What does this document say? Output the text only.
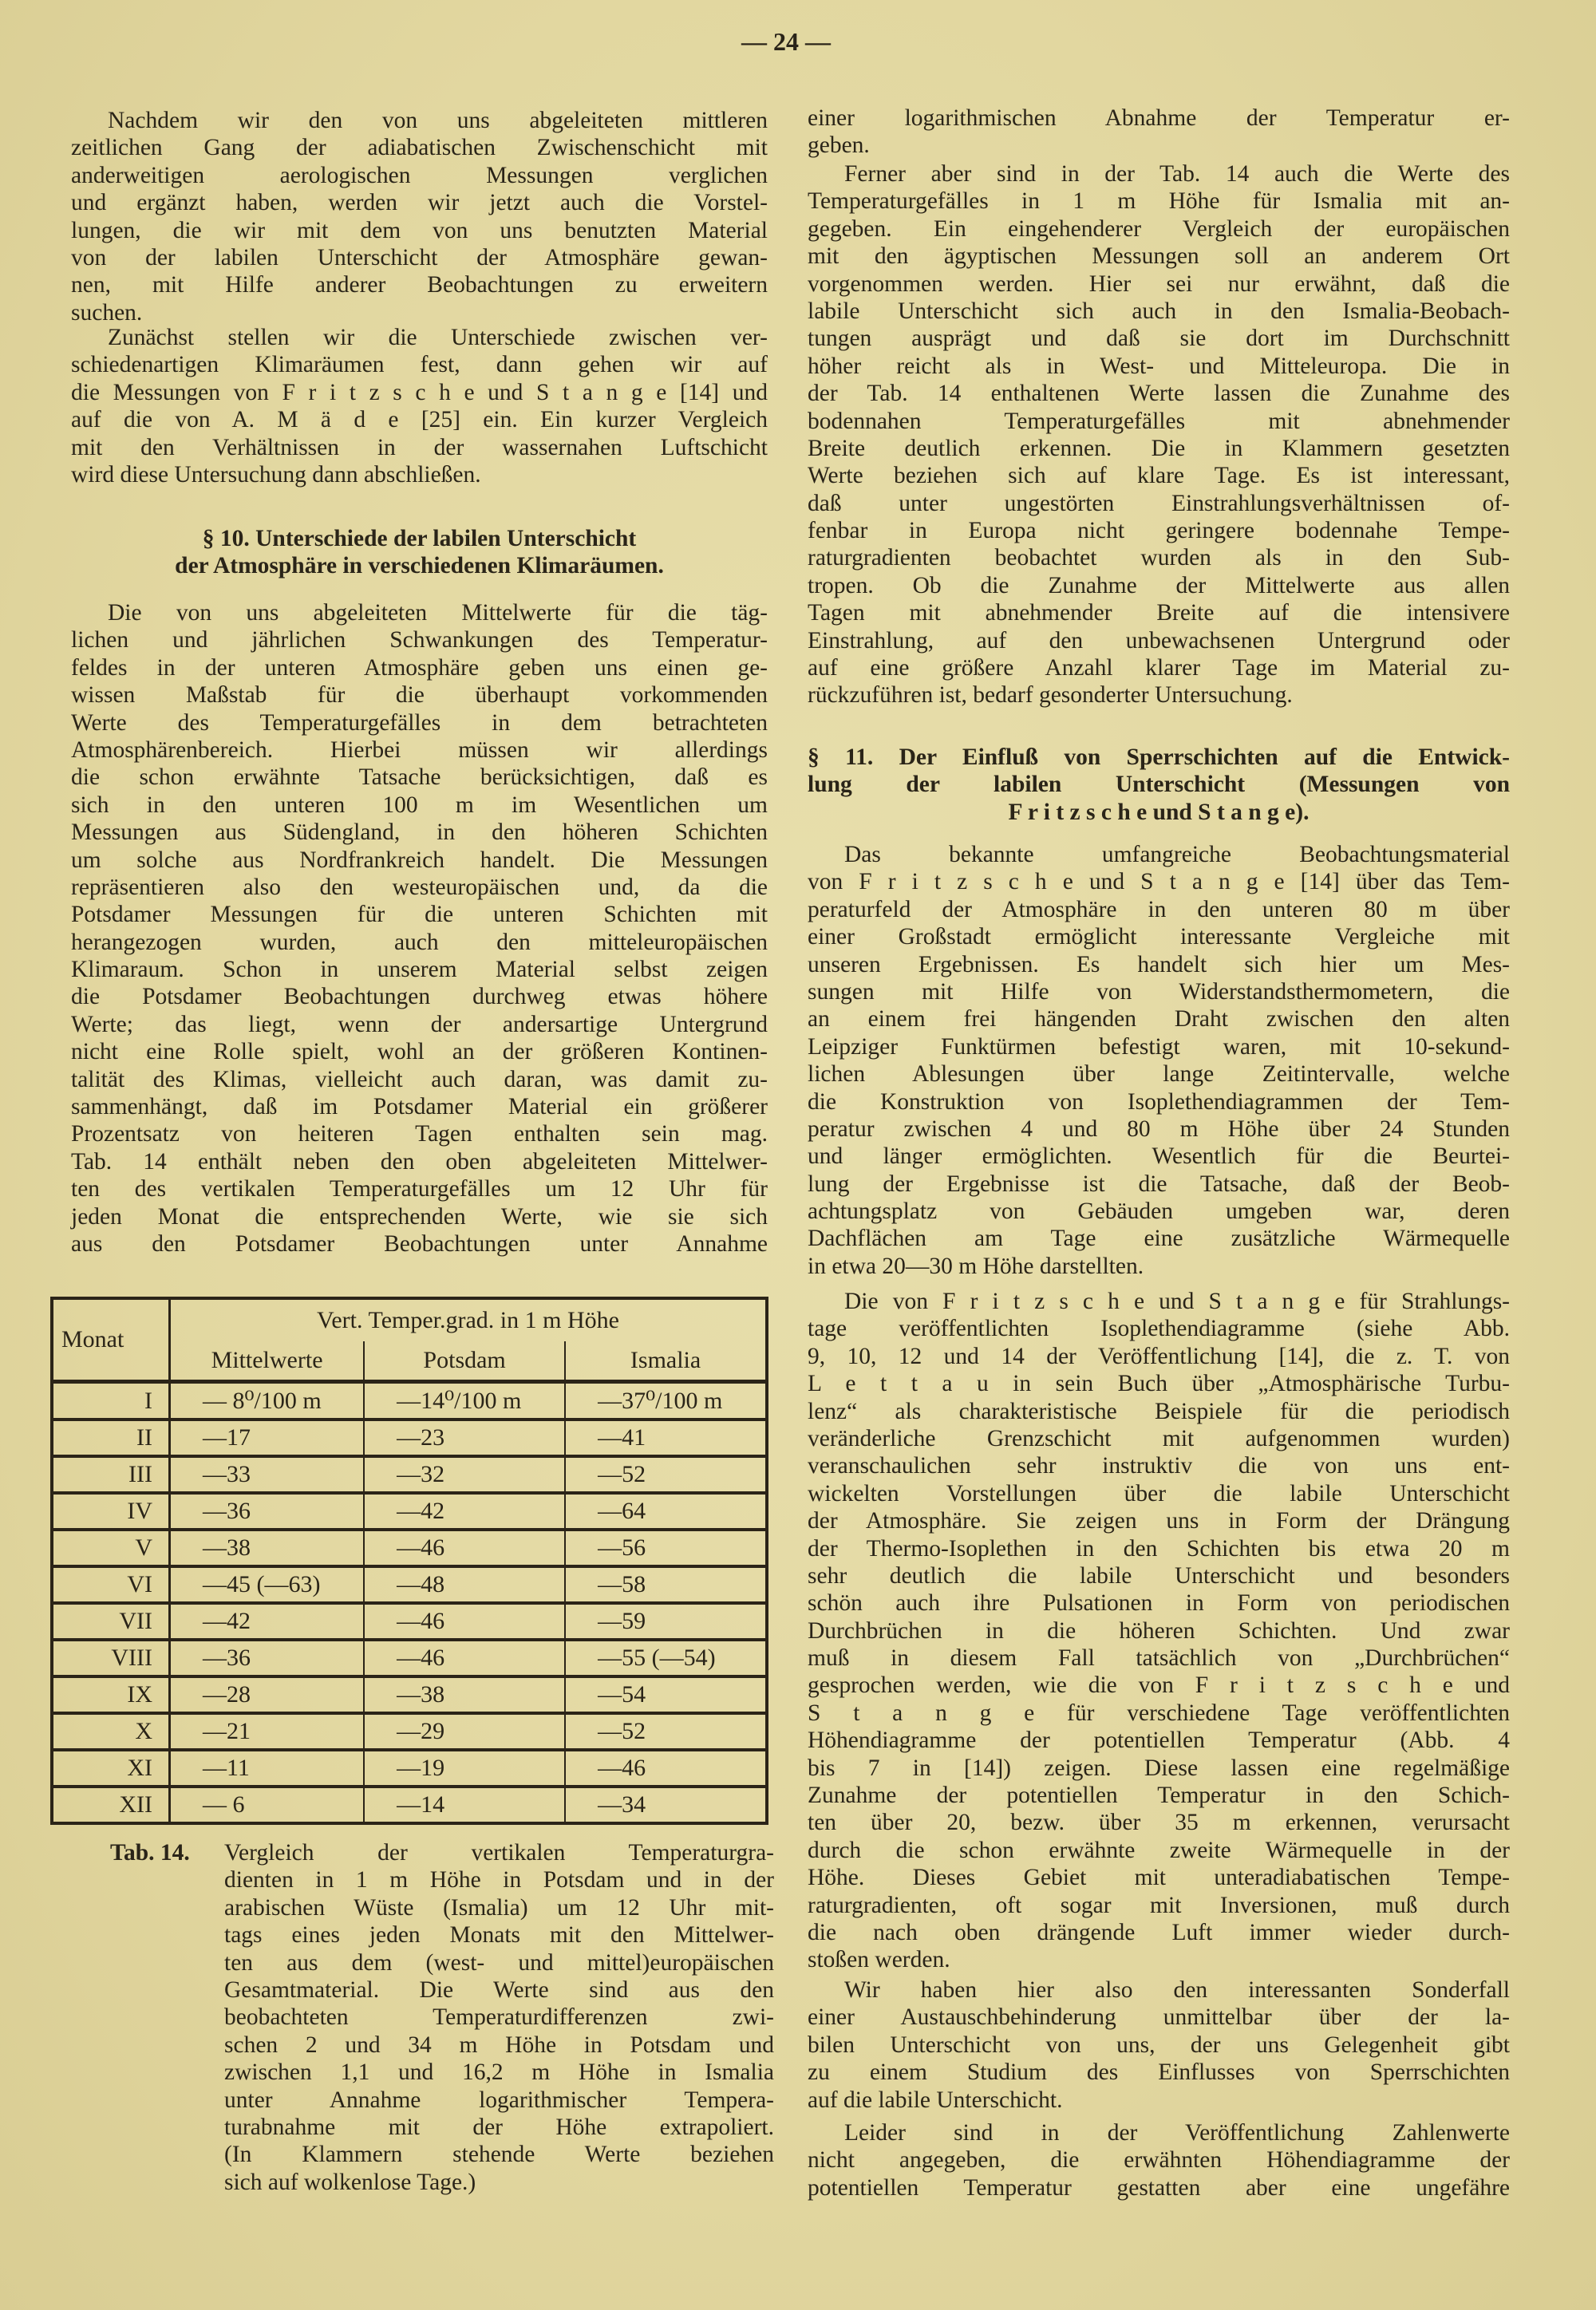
— 24 —
Nachdem wir den von uns abgeleiteten mittleren
zeitlichen Gang der adiabatischen Zwischenschicht mit
anderweitigen aerologischen Messungen verglichen
und ergänzt haben, werden wir jetzt auch die Vorstel-
lungen, die wir mit dem von uns benutzten Material
von der labilen Unterschicht der Atmosphäre gewan-
nen, mit Hilfe anderer Beobachtungen zu erweitern
suchen.
Zunächst stellen wir die Unterschiede zwischen ver-
schiedenartigen Klimaräumen fest, dann gehen wir auf
die Messungen von F r i t z s c h e und S t a n g e [14] und
auf die von A. M ä d e [25] ein. Ein kurzer Vergleich
mit den Verhältnissen in der wassernahen Luftschicht
wird diese Untersuchung dann abschließen.
§ 10. Unterschiede der labilen Unterschicht
der Atmosphäre in verschiedenen Klimaräumen.
Die von uns abgeleiteten Mittelwerte für die täg-
lichen und jährlichen Schwankungen des Temperatur-
feldes in der unteren Atmosphäre geben uns einen ge-
wissen Maßstab für die überhaupt vorkommenden
Werte des Temperaturgefälles in dem betrachteten
Atmosphärenbereich. Hierbei müssen wir allerdings
die schon erwähnte Tatsache berücksichtigen, daß es
sich in den unteren 100 m im Wesentlichen um
Messungen aus Südengland, in den höheren Schichten
um solche aus Nordfrankreich handelt. Die Messungen
repräsentieren also den westeuropäischen und, da die
Potsdamer Messungen für die unteren Schichten mit
herangezogen wurden, auch den mitteleuropäischen
Klimaraum. Schon in unserem Material selbst zeigen
die Potsdamer Beobachtungen durchweg etwas höhere
Werte; das liegt, wenn der andersartige Untergrund
nicht eine Rolle spielt, wohl an der größeren Kontinen-
talität des Klimas, vielleicht auch daran, was damit zu-
sammenhängt, daß im Potsdamer Material ein größerer
Prozentsatz von heiteren Tagen enthalten sein mag.
Tab. 14 enthält neben den oben abgeleiteten Mittelwer-
ten des vertikalen Temperaturgefälles um 12 Uhr für
jeden Monat die entsprechenden Werte, wie sie sich
aus den Potsdamer Beobachtungen unter Annahme
Monat	Vert. Temper.grad. in 1 m Höhe		
	Mittelwerte	Potsdam	Ismalia
I	— 8⁰/100 m	—14⁰/100 m	—37⁰/100 m
II	—17	—23	—41
III	—33	—32	—52
IV	—36	—42	—64
V	—38	—46	—56
VI	—45 (—63)	—48	—58
VII	—42	—46	—59
VIII	—36	—46	—55 (—54)
IX	—28	—38	—54
X	—21	—29	—52
XI	—11	—19	—46
XII	— 6	—14	—34
Tab. 14. Vergleich der vertikalen Temperaturgra-
dienten in 1 m Höhe in Potsdam und in der
arabischen Wüste (Ismalia) um 12 Uhr mit-
tags eines jeden Monats mit den Mittelwer-
ten aus dem (west- und mittel)europäischen
Gesamtmaterial. Die Werte sind aus den
beobachteten Temperaturdifferenzen zwi-
schen 2 und 34 m Höhe in Potsdam und
zwischen 1,1 und 16,2 m Höhe in Ismalia
unter Annahme logarithmischer Tempera-
turabnahme mit der Höhe extrapoliert.
(In Klammern stehende Werte beziehen
sich auf wolkenlose Tage.)
einer logarithmischen Abnahme der Temperatur er-
geben.
Ferner aber sind in der Tab. 14 auch die Werte des
Temperaturgefälles in 1 m Höhe für Ismalia mit an-
gegeben. Ein eingehenderer Vergleich der europäischen
mit den ägyptischen Messungen soll an anderem Ort
vorgenommen werden. Hier sei nur erwähnt, daß die
labile Unterschicht sich auch in den Ismalia-Beobach-
tungen ausprägt und daß sie dort im Durchschnitt
höher reicht als in West- und Mitteleuropa. Die in
der Tab. 14 enthaltenen Werte lassen die Zunahme des
bodennahen Temperaturgefälles mit abnehmender
Breite deutlich erkennen. Die in Klammern gesetzten
Werte beziehen sich auf klare Tage. Es ist interessant,
daß unter ungestörten Einstrahlungsverhältnissen of-
fenbar in Europa nicht geringere bodennahe Tempe-
raturgradienten beobachtet wurden als in den Sub-
tropen. Ob die Zunahme der Mittelwerte aus allen
Tagen mit abnehmender Breite auf die intensivere
Einstrahlung, auf den unbewachsenen Untergrund oder
auf eine größere Anzahl klarer Tage im Material zu-
rückzuführen ist, bedarf gesonderter Untersuchung.
§ 11. Der Einfluß von Sperrschichten auf die Entwick-
lung der labilen Unterschicht (Messungen von
F r i t z s c h e und S t a n g e).
Das bekannte umfangreiche Beobachtungsmaterial
von F r i t z s c h e und S t a n g e [14] über das Tem-
peraturfeld der Atmosphäre in den unteren 80 m über
einer Großstadt ermöglicht interessante Vergleiche mit
unseren Ergebnissen. Es handelt sich hier um Mes-
sungen mit Hilfe von Widerstandsthermometern, die
an einem frei hängenden Draht zwischen den alten
Leipziger Funktürmen befestigt waren, mit 10-sekund-
lichen Ablesungen über lange Zeitintervalle, welche
die Konstruktion von Isoplethendiagrammen der Tem-
peratur zwischen 4 und 80 m Höhe über 24 Stunden
und länger ermöglichten. Wesentlich für die Beurtei-
lung der Ergebnisse ist die Tatsache, daß der Beob-
achtungsplatz von Gebäuden umgeben war, deren
Dachflächen am Tage eine zusätzliche Wärmequelle
in etwa 20—30 m Höhe darstellten.
Die von F r i t z s c h e und S t a n g e für Strahlungs-
tage veröffentlichten Isoplethendiagramme (siehe Abb.
9, 10, 12 und 14 der Veröffentlichung [14], die z. T. von
L e t t a u in sein Buch über „Atmosphärische Turbu-
lenz“ als charakteristische Beispiele für die periodisch
veränderliche Grenzschicht mit aufgenommen wurden)
veranschaulichen sehr instruktiv die von uns ent-
wickelten Vorstellungen über die labile Unterschicht
der Atmosphäre. Sie zeigen uns in Form der Drängung
der Thermo-Isoplethen in den Schichten bis etwa 20 m
sehr deutlich die labile Unterschicht und besonders
schön auch ihre Pulsationen in Form von periodischen
Durchbrüchen in die höheren Schichten. Und zwar
muß in diesem Fall tatsächlich von „Durchbrüchen“
gesprochen werden, wie die von F r i t z s c h e und
S t a n g e für verschiedene Tage veröffentlichten
Höhendiagramme der potentiellen Temperatur (Abb. 4
bis 7 in [14]) zeigen. Diese lassen eine regelmäßige
Zunahme der potentiellen Temperatur in den Schich-
ten über 20, bezw. über 35 m erkennen, verursacht
durch die schon erwähnte zweite Wärmequelle in der
Höhe. Dieses Gebiet mit unteradiabatischen Tempe-
raturgradienten, oft sogar mit Inversionen, muß durch
die nach oben drängende Luft immer wieder durch-
stoßen werden.
Wir haben hier also den interessanten Sonderfall
einer Austauschbehinderung unmittelbar über der la-
bilen Unterschicht von uns, der uns Gelegenheit gibt
zu einem Studium des Einflusses von Sperrschichten
auf die labile Unterschicht.
Leider sind in der Veröffentlichung Zahlenwerte
nicht angegeben, die erwähnten Höhendiagramme der
potentiellen Temperatur gestatten aber eine ungefähre
